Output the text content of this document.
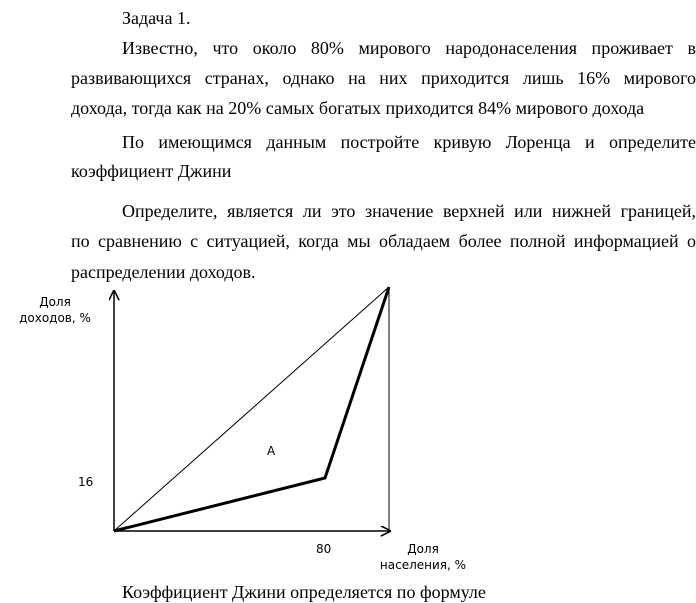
Задача 1.
Известно, что около 80% мирового народонаселения проживает в
развивающихся странах, однако на них приходится лишь 16% мирового
дохода, тогда как на 20% самых богатых приходится 84% мирового дохода
По имеющимся данным постройте кривую Лоренца и определите
коэффициент Джини
Определите, является ли это значение верхней или нижней границей,
по сравнению с ситуацией, когда мы обладаем более полной информацией о
распределении доходов.
Доля
доходов, %
16
A
80	Доля
населения, %
Коэффициент Джини определяется по формуле
